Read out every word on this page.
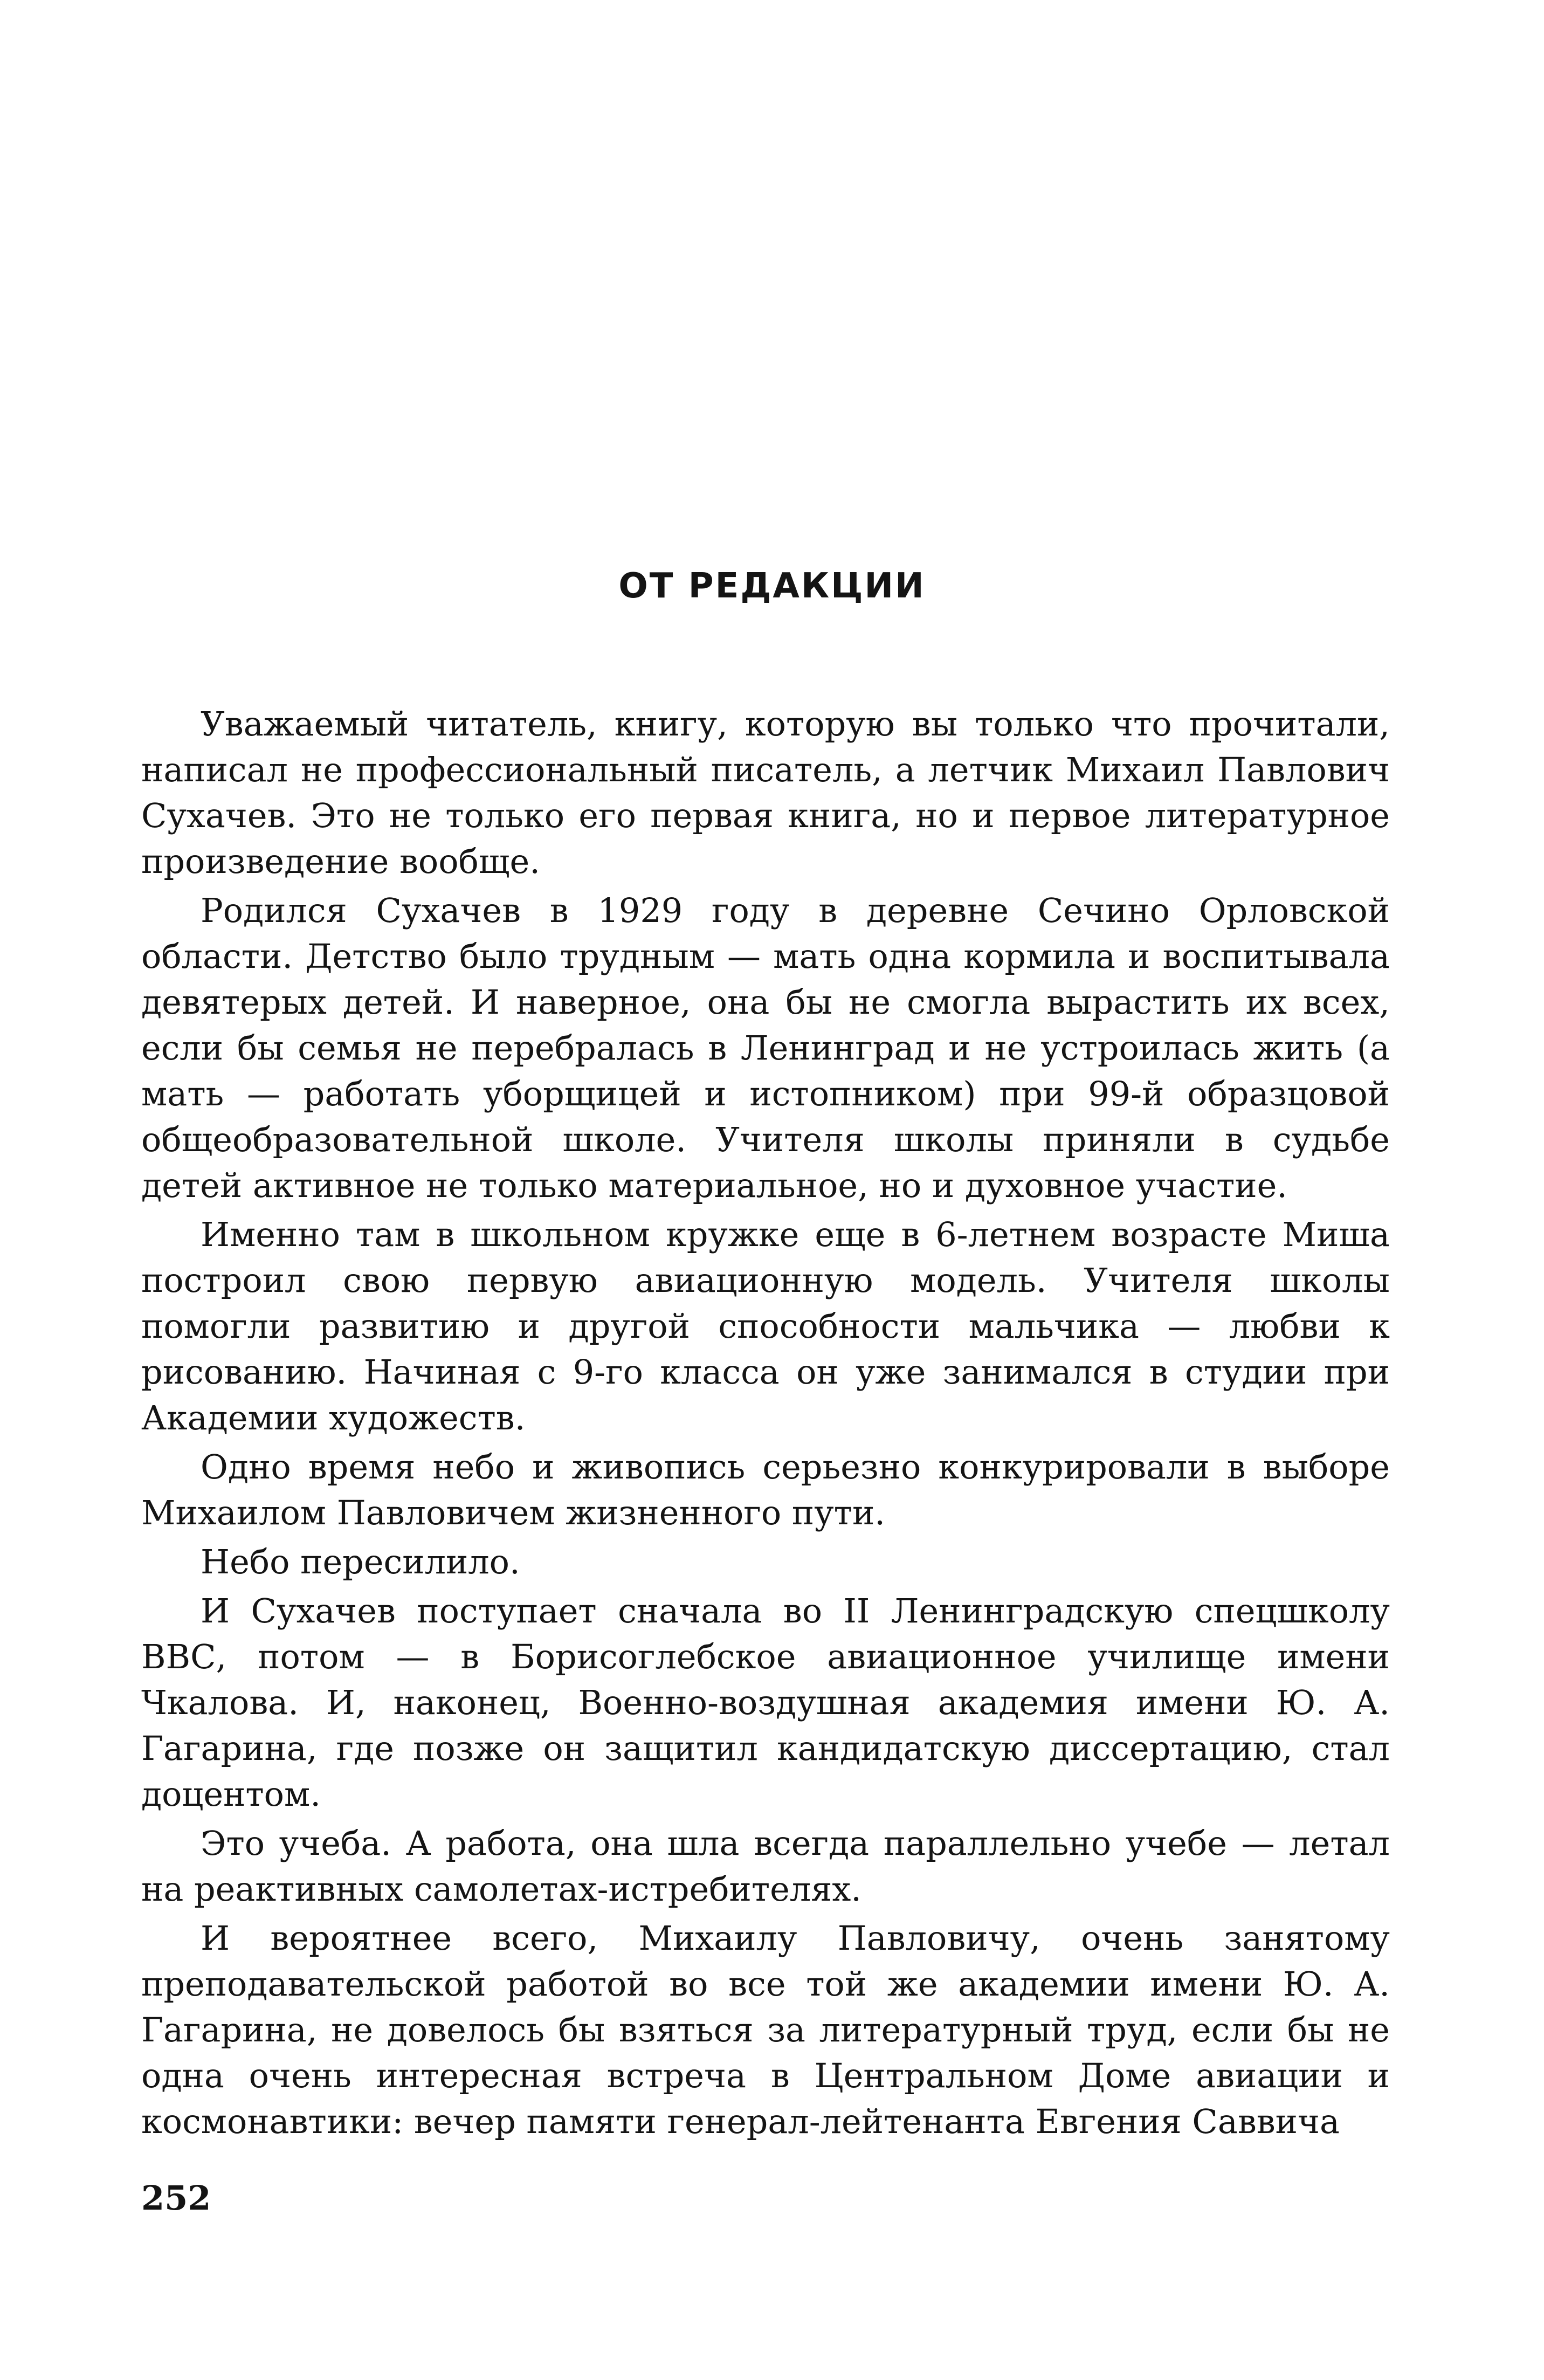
ОТ РЕДАКЦИИ

Уважаемый читатель, книгу, которую вы только что прочитали, написал не профессиональный писатель, а летчик Михаил Павлович Сухачев. Это не только его первая книга, но и первое литературное произведение вообще.

Родился Сухачев в 1929 году в деревне Сечино Орловской области. Детство было трудным — мать одна кормила и воспитывала девятерых детей. И наверное, она бы не смогла вырастить их всех, если бы семья не перебралась в Ленинград и не устроилась жить (а мать — работать уборщицей и истопником) при 99-й образцовой общеобразовательной школе. Учителя школы приняли в судьбе детей активное не только материальное, но и духовное участие.

Именно там в школьном кружке еще в 6-летнем возрасте Миша построил свою первую авиационную модель. Учителя школы помогли развитию и другой способности мальчика — любви к рисованию. Начиная с 9-го класса он уже занимался в студии при Академии художеств.

Одно время небо и живопись серьезно конкурировали в выборе Михаилом Павловичем жизненного пути.

Небо пересилило.

И Сухачев поступает сначала во II Ленинградскую спецшколу ВВС, потом — в Борисоглебское авиационное училище имени Чкалова. И, наконец, Военно-воздушная академия имени Ю. А. Гагарина, где позже он защитил кандидатскую диссертацию, стал доцентом.

Это учеба. А работа, она шла всегда параллельно учебе — летал на реактивных самолетах-истребителях.

И вероятнее всего, Михаилу Павловичу, очень занятому преподавательской работой во все той же академии имени Ю. А. Гагарина, не довелось бы взяться за литературный труд, если бы не одна очень интересная встреча в Центральном Доме авиации и космонавтики: вечер памяти генерал-лейтенанта Евгения Саввича

252
